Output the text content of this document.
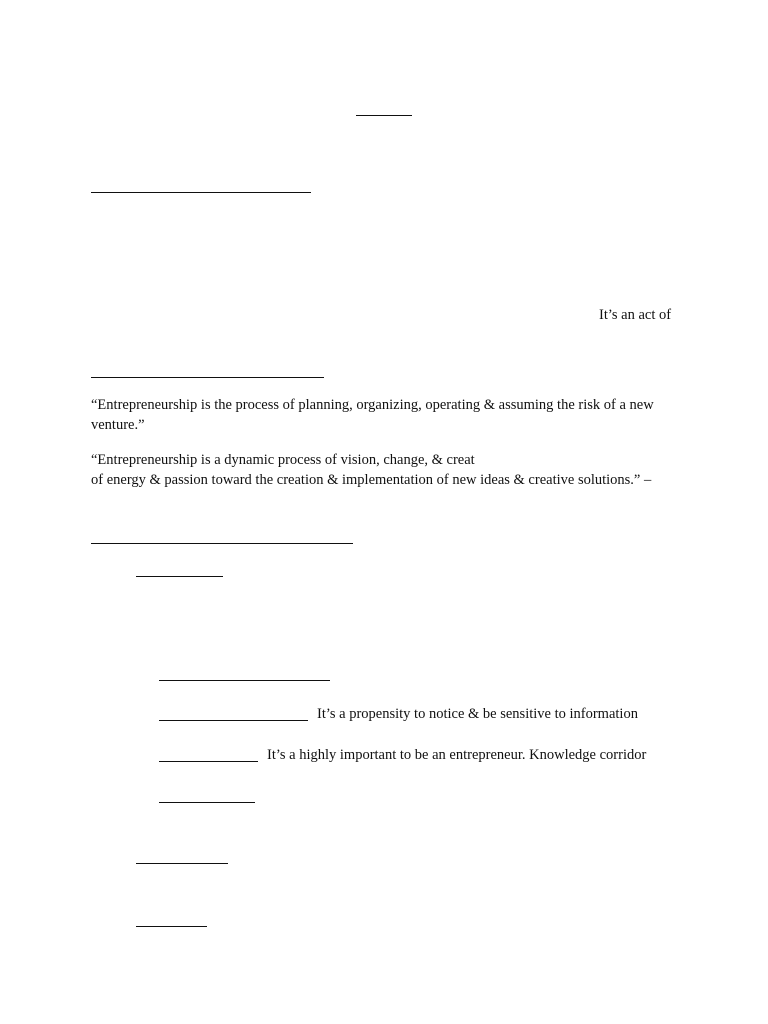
It’s an act of
“Entrepreneurship is the process of planning, organizing, operating & assuming the risk of a new
venture.”
“Entrepreneurship is a dynamic process of vision, change, & creat
of energy & passion toward the creation & implementation of new ideas & creative solutions.” –
It’s a propensity to notice & be sensitive to information
It’s a highly important to be an entrepreneur. Knowledge corridor
